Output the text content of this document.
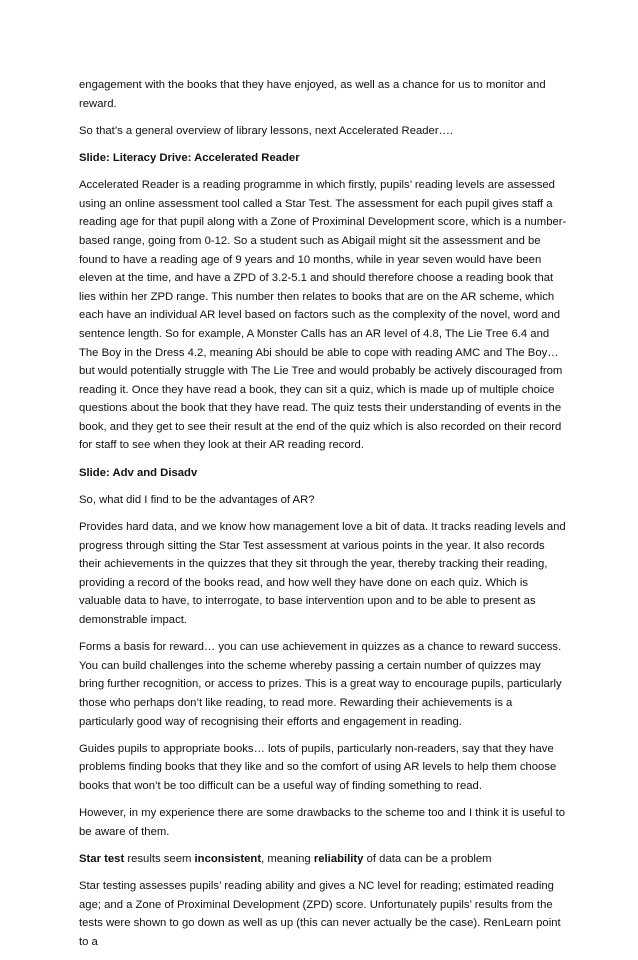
engagement with the books that they have enjoyed, as well as a chance for us to monitor and reward.

So that’s a general overview of library lessons, next Accelerated Reader….

Slide: Literacy Drive: Accelerated Reader

Accelerated Reader is a reading programme in which firstly, pupils’ reading levels are assessed using an online assessment tool called a Star Test. The assessment for each pupil gives staff a reading age for that pupil along with a Zone of Proximinal Development score, which is a number-based range, going from 0-12. So a student such as Abigail might sit the assessment and be found to have a reading age of 9 years and 10 months, while in year seven would have been eleven at the time, and have a ZPD of 3.2-5.1 and should therefore choose a reading book that lies within her ZPD range. This number then relates to books that are on the AR scheme, which each have an individual AR level based on factors such as the complexity of the novel, word and sentence length. So for example, A Monster Calls has an AR level of 4.8, The Lie Tree 6.4 and The Boy in the Dress 4.2, meaning Abi should be able to cope with reading AMC and The Boy… but would potentially struggle with The Lie Tree and would probably be actively discouraged from reading it. Once they have read a book, they can sit a quiz, which is made up of multiple choice questions about the book that they have read. The quiz tests their understanding of events in the book, and they get to see their result at the end of the quiz which is also recorded on their record for staff to see when they look at their AR reading record.

Slide: Adv and Disadv

So, what did I find to be the advantages of AR?

Provides hard data, and we know how management love a bit of data. It tracks reading levels and progress through sitting the Star Test assessment at various points in the year. It also records their achievements in the quizzes that they sit through the year, thereby tracking their reading, providing a record of the books read, and how well they have done on each quiz. Which is valuable data to have, to interrogate, to base intervention upon and to be able to present as demonstrable impact.

Forms a basis for reward… you can use achievement in quizzes as a chance to reward success. You can build challenges into the scheme whereby passing a certain number of quizzes may bring further recognition, or access to prizes. This is a great way to encourage pupils, particularly those who perhaps don’t like reading, to read more. Rewarding their achievements is a particularly good way of recognising their efforts and engagement in reading.

Guides pupils to appropriate books… lots of pupils, particularly non-readers, say that they have problems finding books that they like and so the comfort of using AR levels to help them choose books that won’t be too difficult can be a useful way of finding something to read.

However, in my experience there are some drawbacks to the scheme too and I think it is useful to be aware of them.

Star test results seem inconsistent, meaning reliability of data can be a problem

Star testing assesses pupils’ reading ability and gives a NC level for reading; estimated reading age; and a Zone of Proximinal Development (ZPD) score. Unfortunately pupils’ results from the tests were shown to go down as well as up (this can never actually be the case). RenLearn point to a
